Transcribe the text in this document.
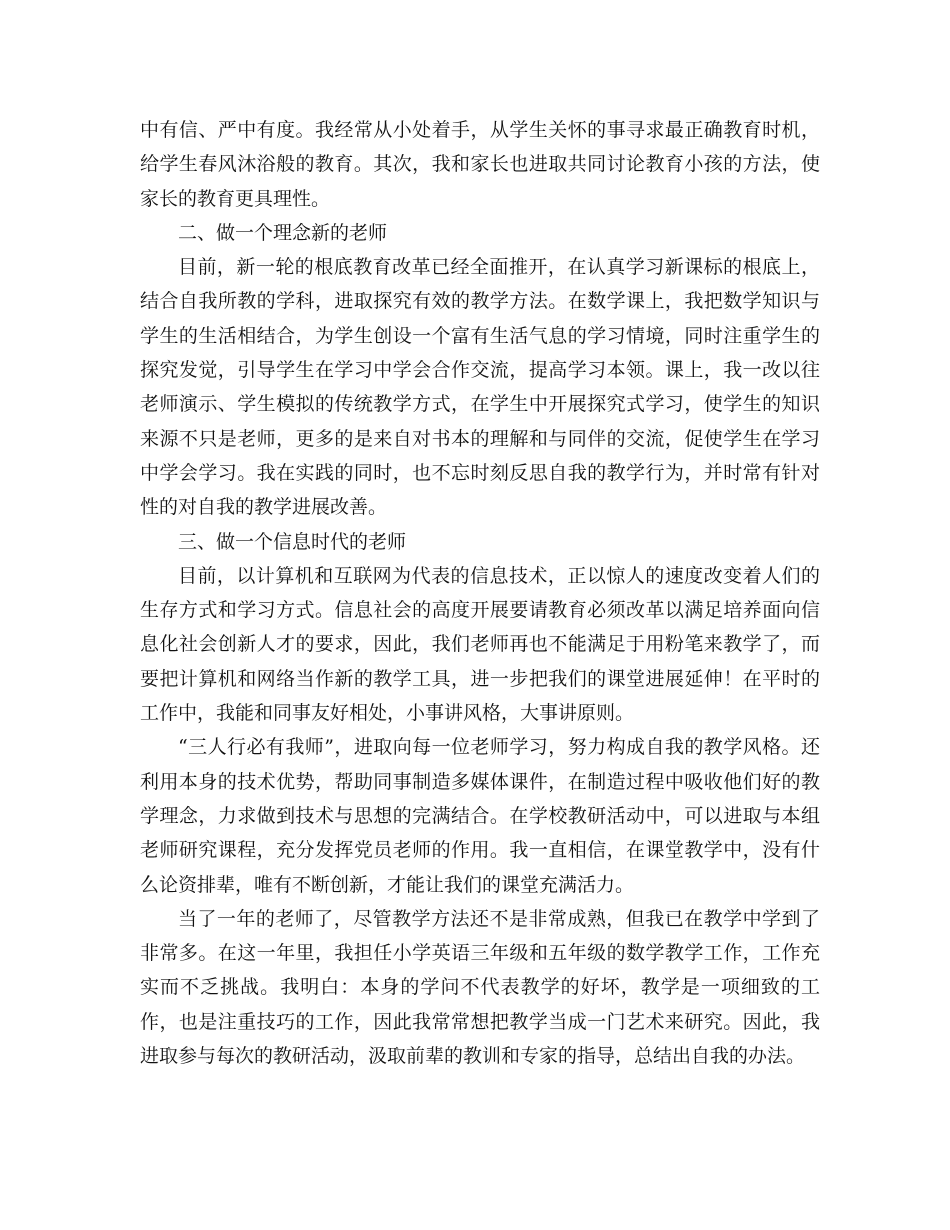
中有信、严中有度。我经常从小处着手，从学生关怀的事寻求最正确教育时机，给学生春风沐浴般的教育。其次，我和家长也进取共同讨论教育小孩的方法，使家长的教育更具理性。

二、做一个理念新的老师

目前，新一轮的根底教育改革已经全面推开，在认真学习新课标的根底上，结合自我所教的学科，进取探究有效的教学方法。在数学课上，我把数学知识与学生的生活相结合，为学生创设一个富有生活气息的学习情境，同时注重学生的探究发觉，引导学生在学习中学会合作交流，提高学习本领。课上，我一改以往老师演示、学生模拟的传统教学方式，在学生中开展探究式学习，使学生的知识来源不只是老师，更多的是来自对书本的理解和与同伴的交流，促使学生在学习中学会学习。我在实践的同时，也不忘时刻反思自我的教学行为，并时常有针对性的对自我的教学进展改善。

三、做一个信息时代的老师

目前，以计算机和互联网为代表的信息技术，正以惊人的速度改变着人们的生存方式和学习方式。信息社会的高度开展要请教育必须改革以满足培养面向信息化社会创新人才的要求，因此，我们老师再也不能满足于用粉笔来教学了，而要把计算机和网络当作新的教学工具，进一步把我们的课堂进展延伸！在平时的工作中，我能和同事友好相处，小事讲风格，大事讲原则。

“三人行必有我师”，进取向每一位老师学习，努力构成自我的教学风格。还利用本身的技术优势，帮助同事制造多媒体课件，在制造过程中吸收他们好的教学理念，力求做到技术与思想的完满结合。在学校教研活动中，可以进取与本组老师研究课程，充分发挥党员老师的作用。我一直相信，在课堂教学中，没有什么论资排辈，唯有不断创新，才能让我们的课堂充满活力。

当了一年的老师了，尽管教学方法还不是非常成熟，但我已在教学中学到了非常多。在这一年里，我担任小学英语三年级和五年级的数学教学工作，工作充实而不乏挑战。我明白：本身的学问不代表教学的好坏，教学是一项细致的工作，也是注重技巧的工作，因此我常常想把教学当成一门艺术来研究。因此，我进取参与每次的教研活动，汲取前辈的教训和专家的指导，总结出自我的办法。
